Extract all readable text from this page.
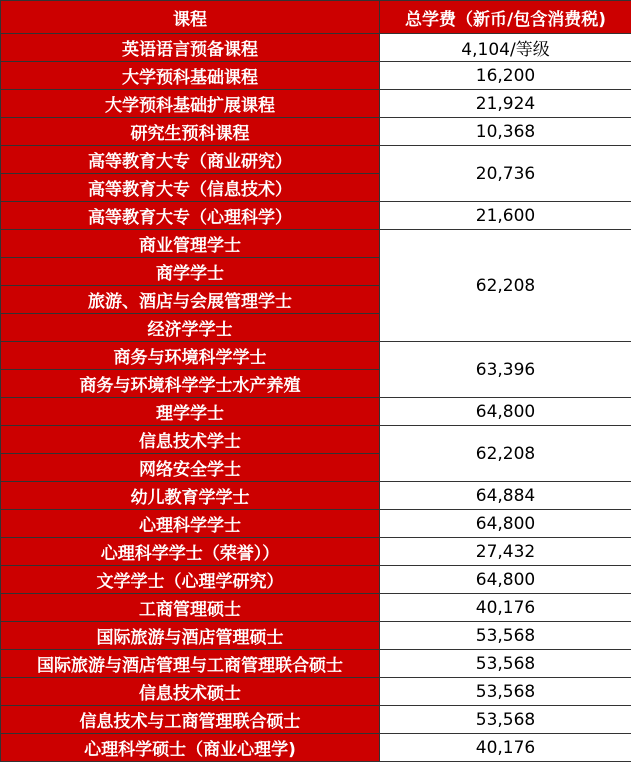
课程	总学费（新币/包含消费税)
英语语言预备课程	4,104/等级
大学预科基础课程	16,200
大学预科基础扩展课程	21,924
研究生预科课程	10,368
高等教育大专（商业研究）	20,736
高等教育大专（信息技术）	
高等教育大专（心理科学）	21,600
商业管理学士	62,208
商学学士	
旅游、酒店与会展管理学士	
经济学学士	
商务与环境科学学士	63,396
商务与环境科学学士水产养殖	
理学学士	64,800
信息技术学士	62,208
网络安全学士	
幼儿教育学学士	64,884
心理科学学士	64,800
心理科学学士（荣誉））	27,432
文学学士（心理学研究）	64,800
工商管理硕士	40,176
国际旅游与酒店管理硕士	53,568
国际旅游与酒店管理与工商管理联合硕士	53,568
信息技术硕士	53,568
信息技术与工商管理联合硕士	53,568
心理科学硕士（商业心理学)	40,176
